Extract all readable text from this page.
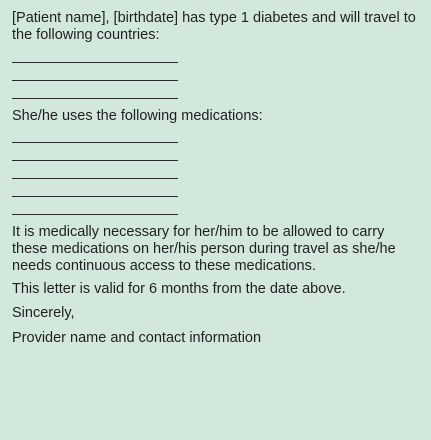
[Patient name], [birthdate] has type 1 diabetes and will travel to the following countries:

She/he uses the following medications:

It is medically necessary for her/him to be allowed to carry these medications on her/his person during travel as she/he needs continuous access to these medications.

This letter is valid for 6 months from the date above.

Sincerely,

Provider name and contact information
